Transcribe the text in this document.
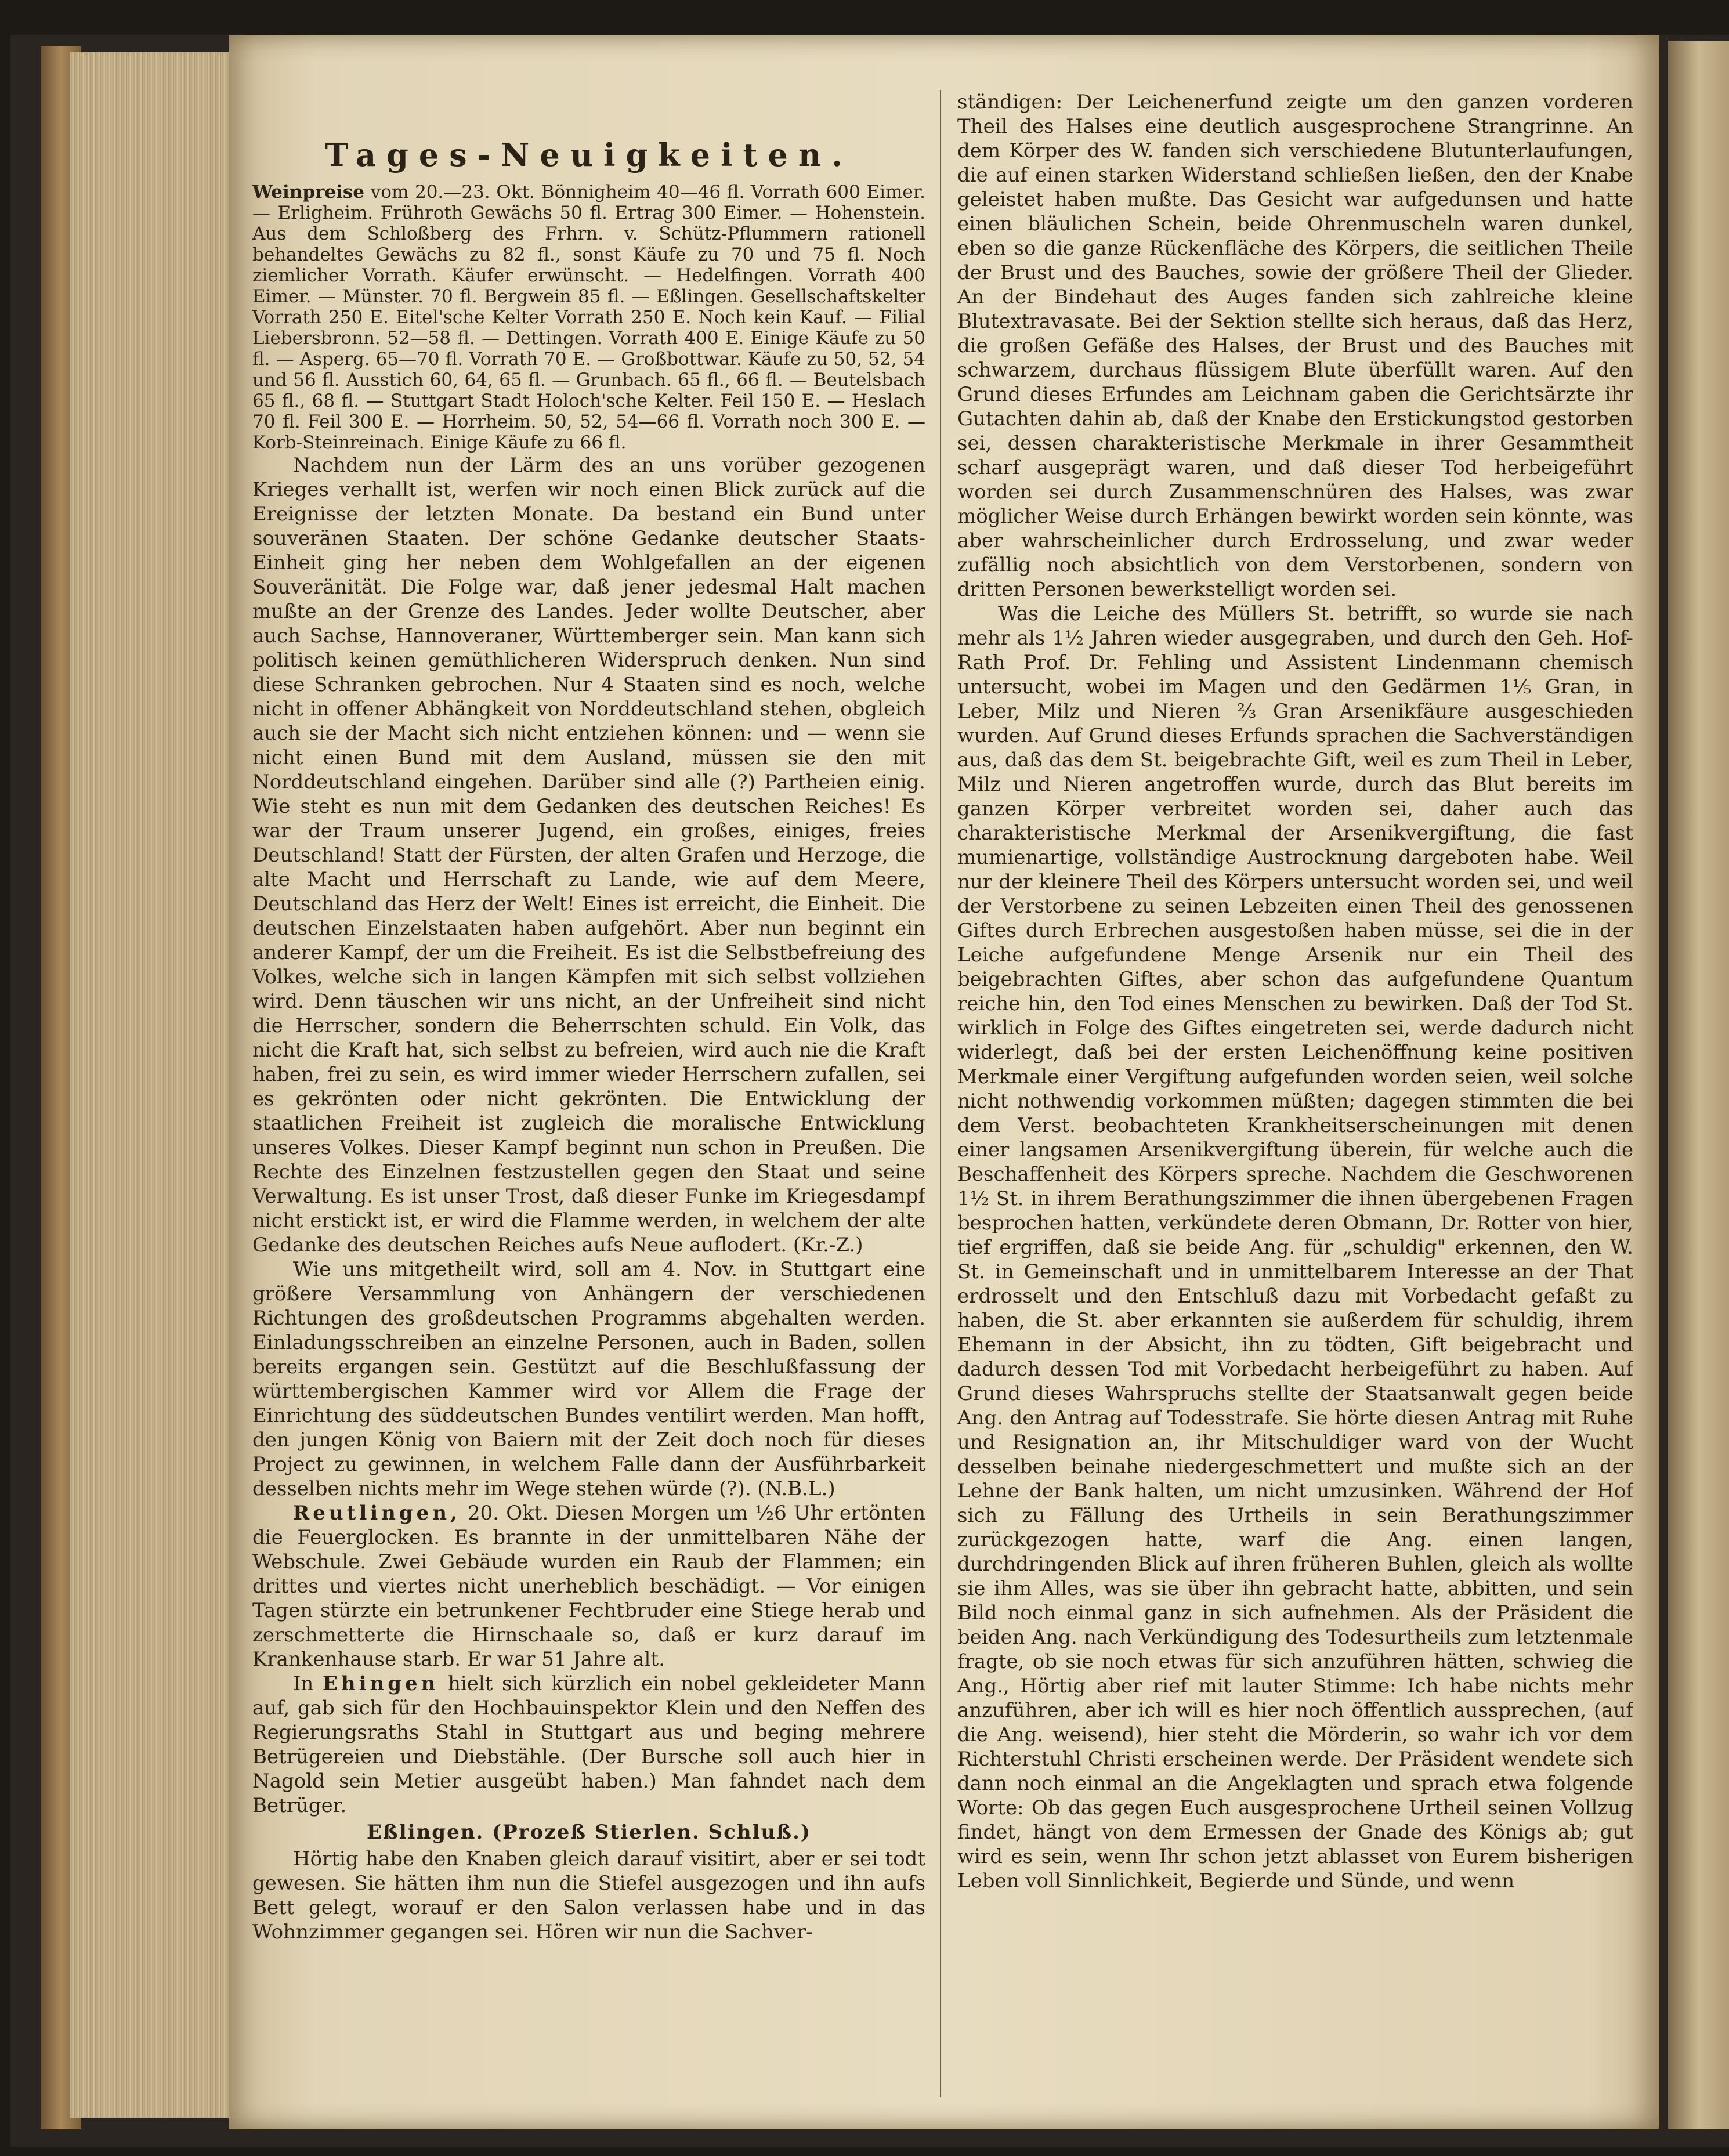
Tages-Neuigkeiten.

Weinpreise vom 20.—23. Okt. Bönnigheim 40—46 fl. Vorrath 600 Eimer. — Erligheim. Frühroth Gewächs 50 fl. Ertrag 300 Eimer. — Hohenstein. Aus dem Schloßberg des Frhrn. v. Schütz-Pflummern rationell behandeltes Gewächs zu 82 fl., sonst Käufe zu 70 und 75 fl. Noch ziemlicher Vorrath. Käufer erwünscht. — Hedelfingen. Vorrath 400 Eimer. — Münster. 70 fl. Bergwein 85 fl. — Eßlingen. Gesellschaftskelter Vorrath 250 E. Eitel'sche Kelter Vorrath 250 E. Noch kein Kauf. — Filial Liebersbronn. 52—58 fl. — Dettingen. Vorrath 400 E. Einige Käufe zu 50 fl. — Asperg. 65—70 fl. Vorrath 70 E. — Großbottwar. Käufe zu 50, 52, 54 und 56 fl. Ausstich 60, 64, 65 fl. — Grunbach. 65 fl., 66 fl. — Beutelsbach 65 fl., 68 fl. — Stuttgart Stadt Holoch'sche Kelter. Feil 150 E. — Heslach 70 fl. Feil 300 E. — Horrheim. 50, 52, 54—66 fl. Vorrath noch 300 E. — Korb-Steinreinach. Einige Käufe zu 66 fl.

Nachdem nun der Lärm des an uns vorüber gezogenen Krieges verhallt ist, werfen wir noch einen Blick zurück auf die Ereignisse der letzten Monate. Da bestand ein Bund unter souveränen Staaten. Der schöne Gedanke deutscher Staats-Einheit ging her neben dem Wohlgefallen an der eigenen Souveränität. Die Folge war, daß jener jedesmal Halt machen mußte an der Grenze des Landes. Jeder wollte Deutscher, aber auch Sachse, Hannoveraner, Württemberger sein. Man kann sich politisch keinen gemüthlicheren Widerspruch denken. Nun sind diese Schranken gebrochen. Nur 4 Staaten sind es noch, welche nicht in offener Abhängkeit von Norddeutschland stehen, obgleich auch sie der Macht sich nicht entziehen können: und — wenn sie nicht einen Bund mit dem Ausland, müssen sie den mit Norddeutschland eingehen. Darüber sind alle (?) Partheien einig. Wie steht es nun mit dem Gedanken des deutschen Reiches! Es war der Traum unserer Jugend, ein großes, einiges, freies Deutschland! Statt der Fürsten, der alten Grafen und Herzoge, die alte Macht und Herrschaft zu Lande, wie auf dem Meere, Deutschland das Herz der Welt! Eines ist erreicht, die Einheit. Die deutschen Einzelstaaten haben aufgehört. Aber nun beginnt ein anderer Kampf, der um die Freiheit. Es ist die Selbstbefreiung des Volkes, welche sich in langen Kämpfen mit sich selbst vollziehen wird. Denn täuschen wir uns nicht, an der Unfreiheit sind nicht die Herrscher, sondern die Beherrschten schuld. Ein Volk, das nicht die Kraft hat, sich selbst zu befreien, wird auch nie die Kraft haben, frei zu sein, es wird immer wieder Herrschern zufallen, sei es gekrönten oder nicht gekrönten. Die Entwicklung der staatlichen Freiheit ist zugleich die moralische Entwicklung unseres Volkes. Dieser Kampf beginnt nun schon in Preußen. Die Rechte des Einzelnen festzustellen gegen den Staat und seine Verwaltung. Es ist unser Trost, daß dieser Funke im Kriegesdampf nicht erstickt ist, er wird die Flamme werden, in welchem der alte Gedanke des deutschen Reiches aufs Neue auflodert. (Kr.-Z.)

Wie uns mitgetheilt wird, soll am 4. Nov. in Stuttgart eine größere Versammlung von Anhängern der verschiedenen Richtungen des großdeutschen Programms abgehalten werden. Einladungsschreiben an einzelne Personen, auch in Baden, sollen bereits ergangen sein. Gestützt auf die Beschlußfassung der württembergischen Kammer wird vor Allem die Frage der Einrichtung des süddeutschen Bundes ventilirt werden. Man hofft, den jungen König von Baiern mit der Zeit doch noch für dieses Project zu gewinnen, in welchem Falle dann der Ausführbarkeit desselben nichts mehr im Wege stehen würde (?). (N.B.L.)

Reutlingen, 20. Okt. Diesen Morgen um ½6 Uhr ertönten die Feuerglocken. Es brannte in der unmittelbaren Nähe der Webschule. Zwei Gebäude wurden ein Raub der Flammen; ein drittes und viertes nicht unerheblich beschädigt. — Vor einigen Tagen stürzte ein betrunkener Fechtbruder eine Stiege herab und zerschmetterte die Hirnschaale so, daß er kurz darauf im Krankenhause starb. Er war 51 Jahre alt.

In Ehingen hielt sich kürzlich ein nobel gekleideter Mann auf, gab sich für den Hochbauinspektor Klein und den Neffen des Regierungsraths Stahl in Stuttgart aus und beging mehrere Betrügereien und Diebstähle. (Der Bursche soll auch hier in Nagold sein Metier ausgeübt haben.) Man fahndet nach dem Betrüger.

Eßlingen. (Prozeß Stierlen. Schluß.)

Hörtig habe den Knaben gleich darauf visitirt, aber er sei todt gewesen. Sie hätten ihm nun die Stiefel ausgezogen und ihn aufs Bett gelegt, worauf er den Salon verlassen habe und in das Wohnzimmer gegangen sei. Hören wir nun die Sachver-

ständigen: Der Leichenerfund zeigte um den ganzen vorderen Theil des Halses eine deutlich ausgesprochene Strangrinne. An dem Körper des W. fanden sich verschiedene Blutunterlaufungen, die auf einen starken Widerstand schließen ließen, den der Knabe geleistet haben mußte. Das Gesicht war aufgedunsen und hatte einen bläulichen Schein, beide Ohrenmuscheln waren dunkel, eben so die ganze Rückenfläche des Körpers, die seitlichen Theile der Brust und des Bauches, sowie der größere Theil der Glieder. An der Bindehaut des Auges fanden sich zahlreiche kleine Blutextravasate. Bei der Sektion stellte sich heraus, daß das Herz, die großen Gefäße des Halses, der Brust und des Bauches mit schwarzem, durchaus flüssigem Blute überfüllt waren. Auf den Grund dieses Erfundes am Leichnam gaben die Gerichtsärzte ihr Gutachten dahin ab, daß der Knabe den Erstickungstod gestorben sei, dessen charakteristische Merkmale in ihrer Gesammtheit scharf ausgeprägt waren, und daß dieser Tod herbeigeführt worden sei durch Zusammenschnüren des Halses, was zwar möglicher Weise durch Erhängen bewirkt worden sein könnte, was aber wahrscheinlicher durch Erdrosselung, und zwar weder zufällig noch absichtlich von dem Verstorbenen, sondern von dritten Personen bewerkstelligt worden sei.

Was die Leiche des Müllers St. betrifft, so wurde sie nach mehr als 1½ Jahren wieder ausgegraben, und durch den Geh. Hof-Rath Prof. Dr. Fehling und Assistent Lindenmann chemisch untersucht, wobei im Magen und den Gedärmen 1⅕ Gran, in Leber, Milz und Nieren ⅔ Gran Arsenikfäure ausgeschieden wurden. Auf Grund dieses Erfunds sprachen die Sachverständigen aus, daß das dem St. beigebrachte Gift, weil es zum Theil in Leber, Milz und Nieren angetroffen wurde, durch das Blut bereits im ganzen Körper verbreitet worden sei, daher auch das charakteristische Merkmal der Arsenikvergiftung, die fast mumienartige, vollständige Austrocknung dargeboten habe. Weil nur der kleinere Theil des Körpers untersucht worden sei, und weil der Verstorbene zu seinen Lebzeiten einen Theil des genossenen Giftes durch Erbrechen ausgestoßen haben müsse, sei die in der Leiche aufgefundene Menge Arsenik nur ein Theil des beigebrachten Giftes, aber schon das aufgefundene Quantum reiche hin, den Tod eines Menschen zu bewirken. Daß der Tod St. wirklich in Folge des Giftes eingetreten sei, werde dadurch nicht widerlegt, daß bei der ersten Leichenöffnung keine positiven Merkmale einer Vergiftung aufgefunden worden seien, weil solche nicht nothwendig vorkommen müßten; dagegen stimmten die bei dem Verst. beobachteten Krankheitserscheinungen mit denen einer langsamen Arsenikvergiftung überein, für welche auch die Beschaffenheit des Körpers spreche. Nachdem die Geschworenen 1½ St. in ihrem Berathungszimmer die ihnen übergebenen Fragen besprochen hatten, verkündete deren Obmann, Dr. Rotter von hier, tief ergriffen, daß sie beide Ang. für „schuldig" erkennen, den W. St. in Gemeinschaft und in unmittelbarem Interesse an der That erdrosselt und den Entschluß dazu mit Vorbedacht gefaßt zu haben, die St. aber erkannten sie außerdem für schuldig, ihrem Ehemann in der Absicht, ihn zu tödten, Gift beigebracht und dadurch dessen Tod mit Vorbedacht herbeigeführt zu haben. Auf Grund dieses Wahrspruchs stellte der Staatsanwalt gegen beide Ang. den Antrag auf Todesstrafe. Sie hörte diesen Antrag mit Ruhe und Resignation an, ihr Mitschuldiger ward von der Wucht desselben beinahe niedergeschmettert und mußte sich an der Lehne der Bank halten, um nicht umzusinken. Während der Hof sich zu Fällung des Urtheils in sein Berathungszimmer zurückgezogen hatte, warf die Ang. einen langen, durchdringenden Blick auf ihren früheren Buhlen, gleich als wollte sie ihm Alles, was sie über ihn gebracht hatte, abbitten, und sein Bild noch einmal ganz in sich aufnehmen. Als der Präsident die beiden Ang. nach Verkündigung des Todesurtheils zum letztenmale fragte, ob sie noch etwas für sich anzuführen hätten, schwieg die Ang., Hörtig aber rief mit lauter Stimme: Ich habe nichts mehr anzuführen, aber ich will es hier noch öffentlich aussprechen, (auf die Ang. weisend), hier steht die Mörderin, so wahr ich vor dem Richterstuhl Christi erscheinen werde. Der Präsident wendete sich dann noch einmal an die Angeklagten und sprach etwa folgende Worte: Ob das gegen Euch ausgesprochene Urtheil seinen Vollzug findet, hängt von dem Ermessen der Gnade des Königs ab; gut wird es sein, wenn Ihr schon jetzt ablasset von Eurem bisherigen Leben voll Sinnlichkeit, Begierde und Sünde, und wenn
